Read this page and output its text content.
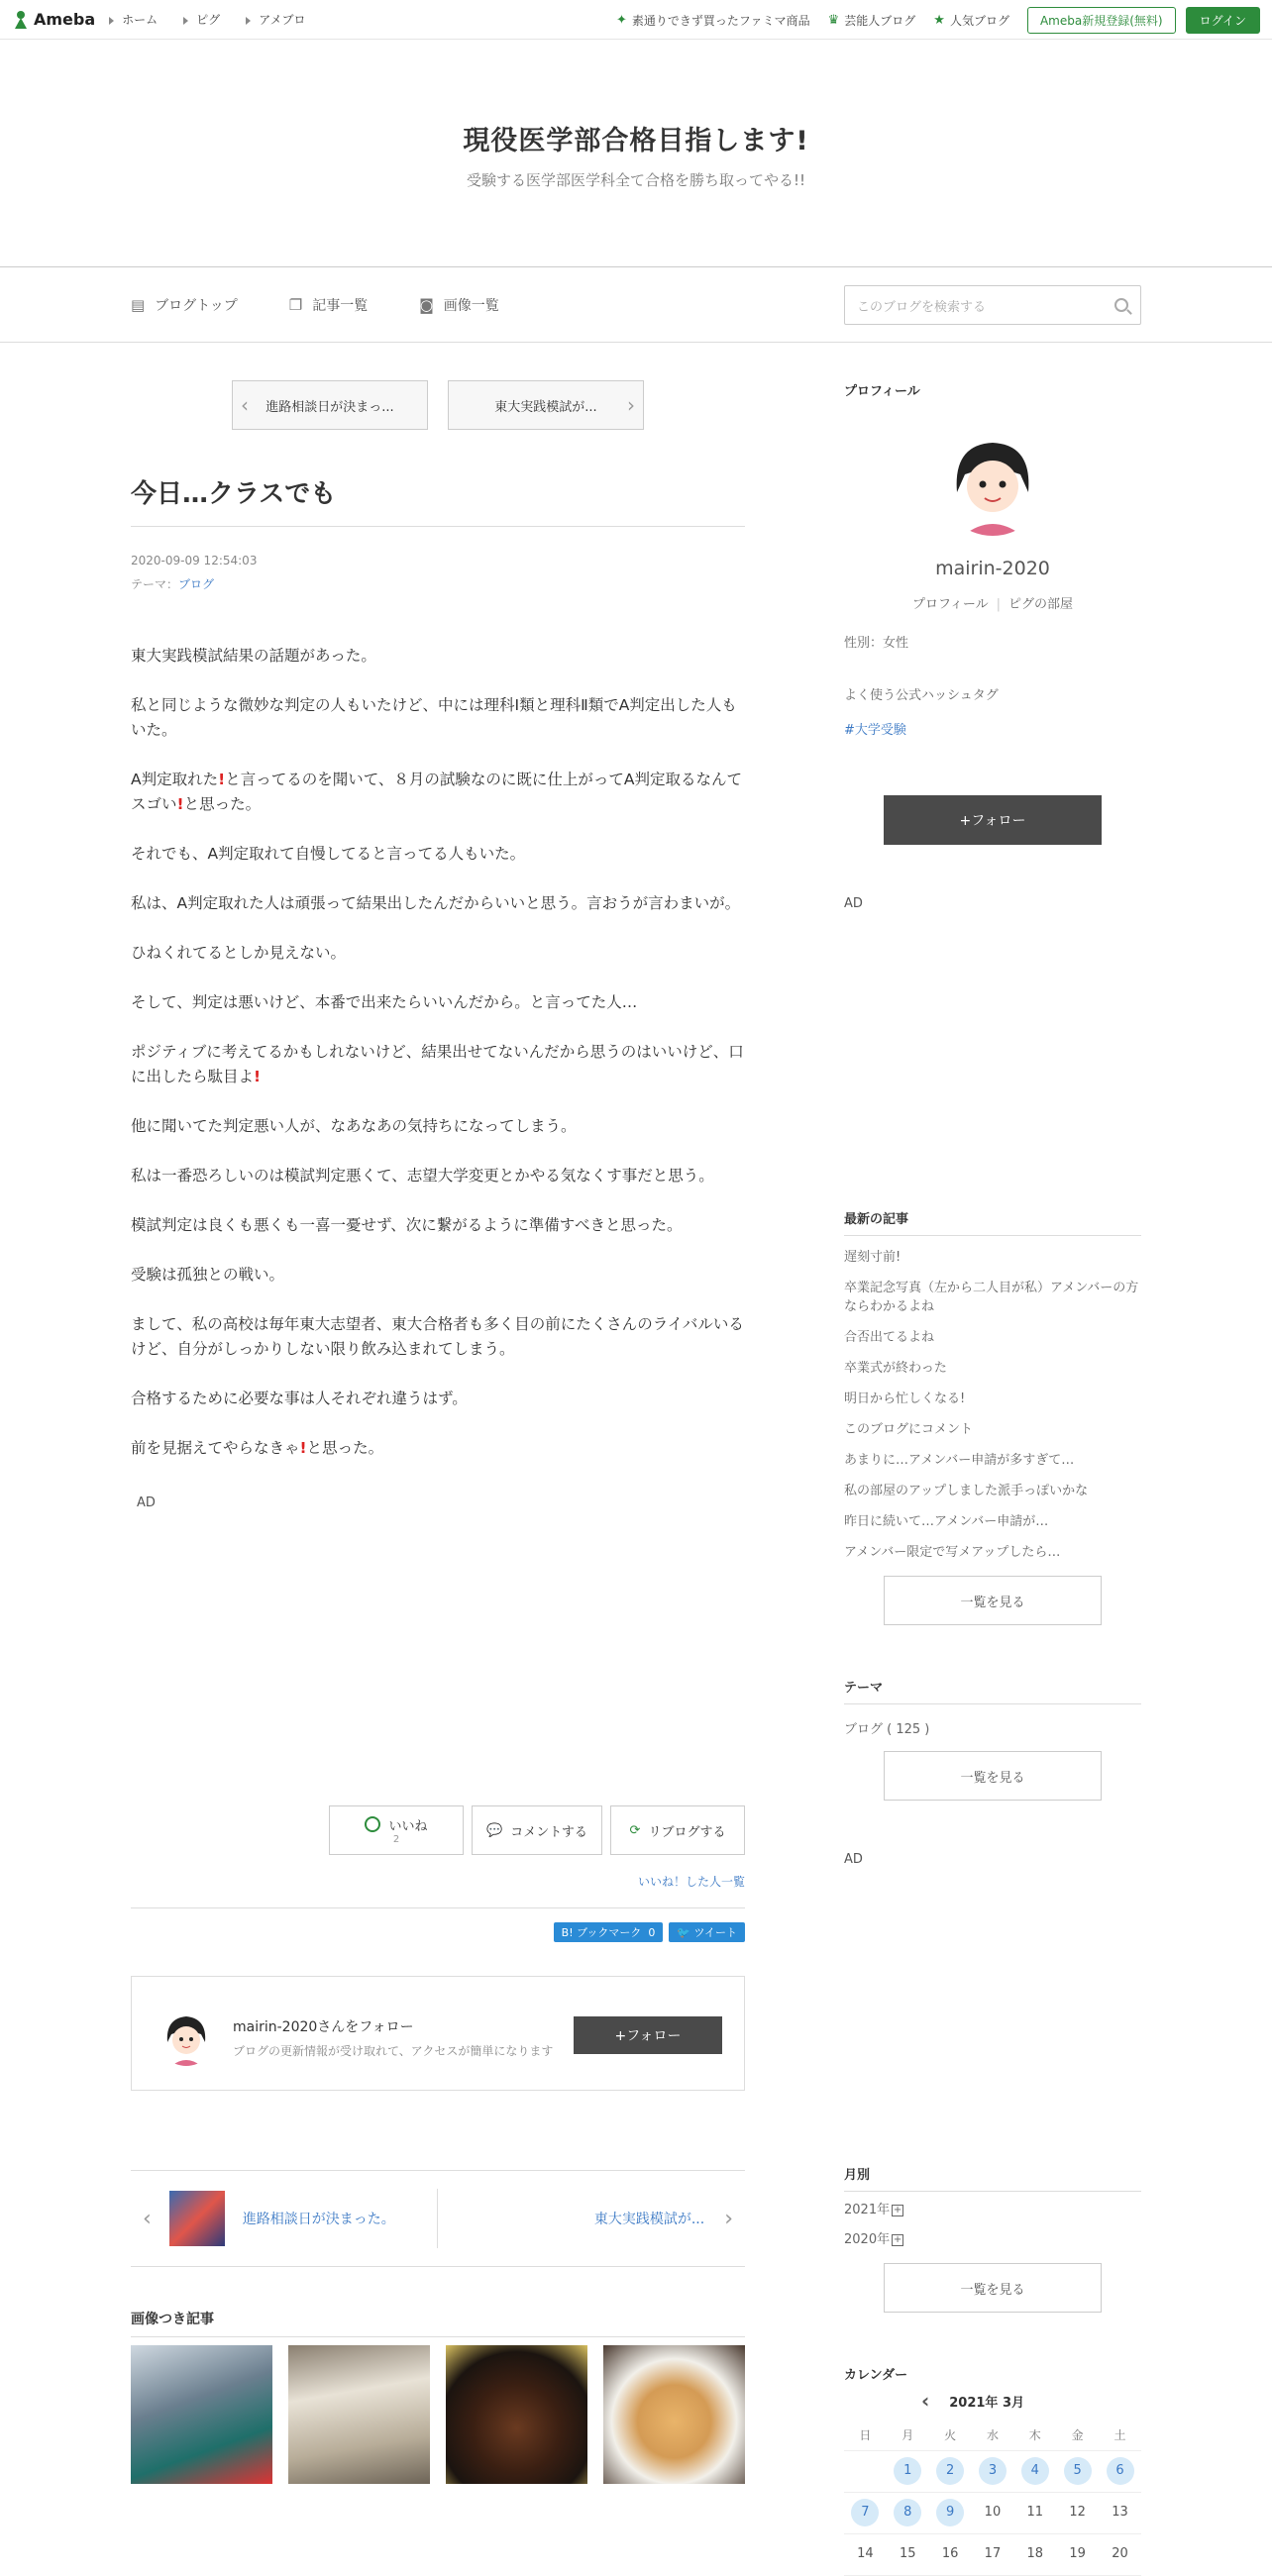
Ameba	ホーム	ピグ	アメブロ	✦ 素通りできず買ったファミマ商品 ♛ 芸能人ブログ ★ 人気ブログ	Ameba新規登録(無料)	ログイン
現役医学部合格目指します!

受験する医学部医学科全て合格を勝ち取ってやる!!

▤ ブログトップ	❐ 記事一覧	◙ 画像一覧	このブログを検索する
‹ 進路相談日が決まっ...	東大実践模試が... ›
今日…クラスでも
2020-09-09 12:54:03
テーマ：ブログ

東大実践模試結果の話題があった。

私と同じような微妙な判定の人もいたけど、中には理科Ⅰ類と理科Ⅱ類でA判定出した人もいた。

A判定取れた!と言ってるのを聞いて、８月の試験なのに既に仕上がってA判定取るなんてスゴい!と思った。

それでも、A判定取れて自慢してると言ってる人もいた。

私は、A判定取れた人は頑張って結果出したんだからいいと思う。言おうが言わまいが。

ひねくれてるとしか見えない。

そして、判定は悪いけど、本番で出来たらいいんだから。と言ってた人…

ポジティブに考えてるかもしれないけど、結果出せてないんだから思うのはいいけど、口に出したら駄目よ!

他に聞いてた判定悪い人が、なあなあの気持ちになってしまう。

私は一番恐ろしいのは模試判定悪くて、志望大学変更とかやる気なくす事だと思う。

模試判定は良くも悪くも一喜一憂せず、次に繋がるように準備すべきと思った。

受験は孤独との戦い。

まして、私の高校は毎年東大志望者、東大合格者も多く目の前にたくさんのライバルいるけど、自分がしっかりしない限り飲み込まれてしまう。

合格するために必要な事は人それぞれ違うはず。

前を見据えてやらなきゃ!と思った。

AD
いいね
2
💬 コメントする	⟳ リブログする
いいね！した人一覧
B! ブックマーク 0	🐦 ツイート
mairin-2020さんをフォロー
ブログの更新情報が受け取れて、アクセスが簡単になります
+フォロー
‹	進路相談日が決まった。	東大実践模試が... ›
画像つき記事
プロフィール
mairin-2020
プロフィール | ピグの部屋
性別：女性
よく使う公式ハッシュタグ
#大学受験
+フォロー
AD
最新の記事
遅刻寸前!
卒業記念写真（左から二人目が私）アメンバーの方ならわかるよね
合否出てるよね
卒業式が終わった
明日から忙しくなる!
このブログにコメント
あまりに…アメンバー申請が多すぎて…
私の部屋のアップしました派手っぽいかな
昨日に続いて…アメンバー申請が…
アメンバー限定で写メアップしたら…
一覧を見る
テーマ
ブログ ( 125 )
一覧を見る
AD
月別
2021年 +
2020年 +
一覧を見る
カレンダー
‹ 2021年 3月
日	月	火	水	木	金	土
	1	2	3	4	5	6
7	8	9	10	11	12	13
14	15	16	17	18	19	20
